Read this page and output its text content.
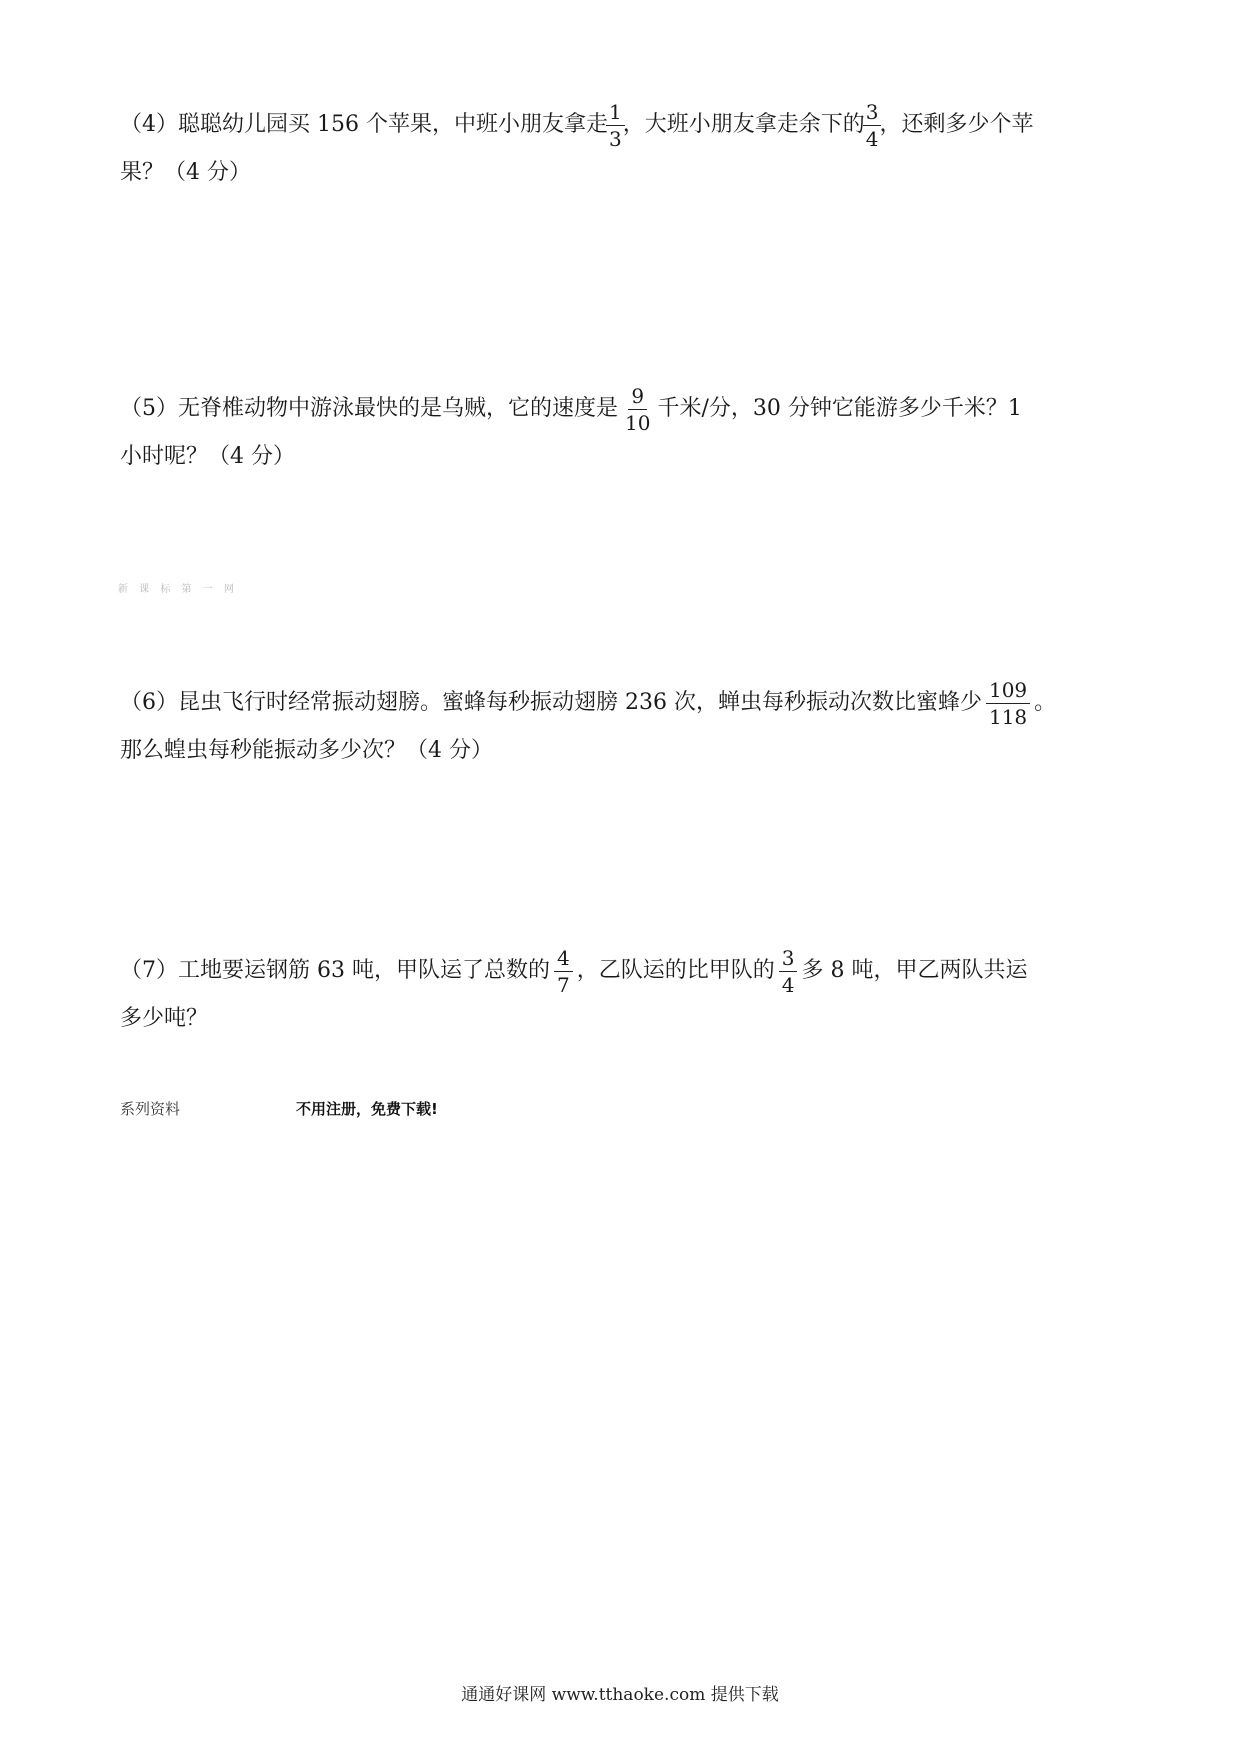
（4）聪聪幼儿园买 156 个苹果，中班小朋友拿走
$\frac{1}{3}$
，大班小朋友拿走余下的
$\frac{3}{4}$
，还剩多少个苹
果？（4 分）
（5）无脊椎动物中游泳最快的是乌贼，它的速度是 $\frac{9}{10}$ 千米/分，30 分钟它能游多少千米？1
小时呢？（4 分）
新 课 标 第 一 网
（6）昆虫飞行时经常振动翅膀。蜜蜂每秒振动翅膀 236 次，蝉虫每秒振动次数比蜜蜂少 $\frac{109}{118}$ 。
那么蝗虫每秒能振动多少次？（4 分）
（7）工地要运钢筋 63 吨，甲队运了总数的 $\frac{4}{7}$ ，乙队运的比甲队的 $\frac{3}{4}$ 多 8 吨，甲乙两队共运
多少吨？
系列资料	不用注册，免费下载!
通通好课网 www.tthaoke.com 提供下载
